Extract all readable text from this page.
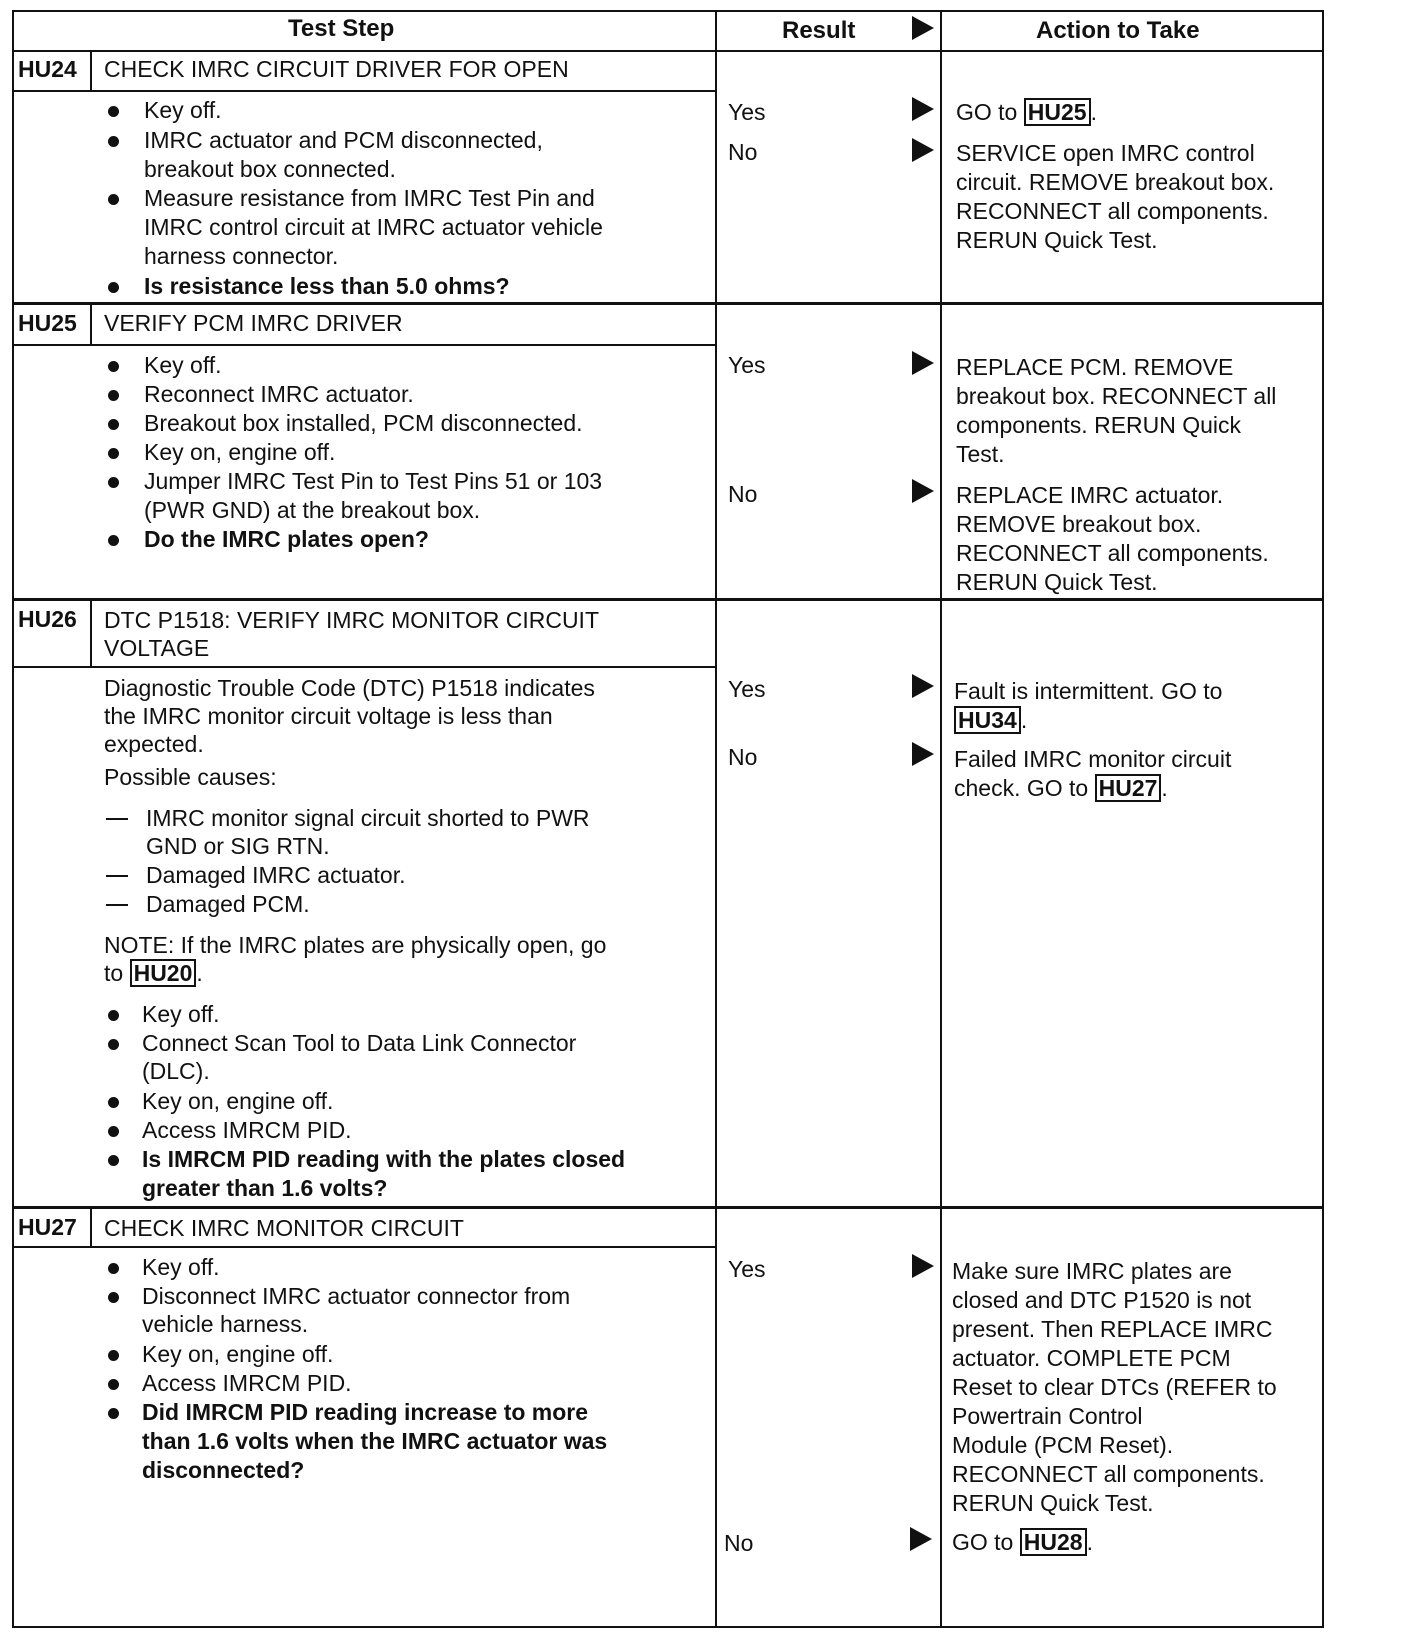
Test Step	Result	Action to Take
HU24 CHECK IMRC CIRCUIT DRIVER FOR OPEN
Key off.
IMRC actuator and PCM disconnected,
breakout box connected.
Measure resistance from IMRC Test Pin and
IMRC control circuit at IMRC actuator vehicle
harness connector.
Is resistance less than 5.0 ohms?
Yes	GO to HU25 .
No	SERVICE open IMRC control
circuit. REMOVE breakout box.
RECONNECT all components.
RERUN Quick Test.
HU25 VERIFY PCM IMRC DRIVER
Key off.
Reconnect IMRC actuator.
Breakout box installed, PCM disconnected.
Key on, engine off.
Jumper IMRC Test Pin to Test Pins 51 or 103
(PWR GND) at the breakout box.
Do the IMRC plates open?
Yes	REPLACE PCM. REMOVE
breakout box. RECONNECT all
components. RERUN Quick
Test.
No	REPLACE IMRC actuator.
REMOVE breakout box.
RECONNECT all components.
RERUN Quick Test.
HU26 DTC P1518: VERIFY IMRC MONITOR CIRCUIT
VOLTAGE
Diagnostic Trouble Code (DTC) P1518 indicates
the IMRC monitor circuit voltage is less than
expected.
Possible causes:
IMRC monitor signal circuit shorted to PWR
GND or SIG RTN.
Damaged IMRC actuator.
Damaged PCM.
NOTE: If the IMRC plates are physically open, go
to HU20 .
Key off.
Connect Scan Tool to Data Link Connector
(DLC).
Key on, engine off.
Access IMRCM PID.
Is IMRCM PID reading with the plates closed
greater than 1.6 volts?
Yes	Fault is intermittent. GO to
HU34 .
No	Failed IMRC monitor circuit
check. GO to HU27 .
HU27 CHECK IMRC MONITOR CIRCUIT
Key off.
Disconnect IMRC actuator connector from
vehicle harness.
Key on, engine off.
Access IMRCM PID.
Did IMRCM PID reading increase to more
than 1.6 volts when the IMRC actuator was
disconnected?
Yes	Make sure IMRC plates are
closed and DTC P1520 is not
present. Then REPLACE IMRC
actuator. COMPLETE PCM
Reset to clear DTCs (REFER to
Powertrain Control
Module (PCM Reset).
RECONNECT all components.
RERUN Quick Test.
No	GO to HU28 .
